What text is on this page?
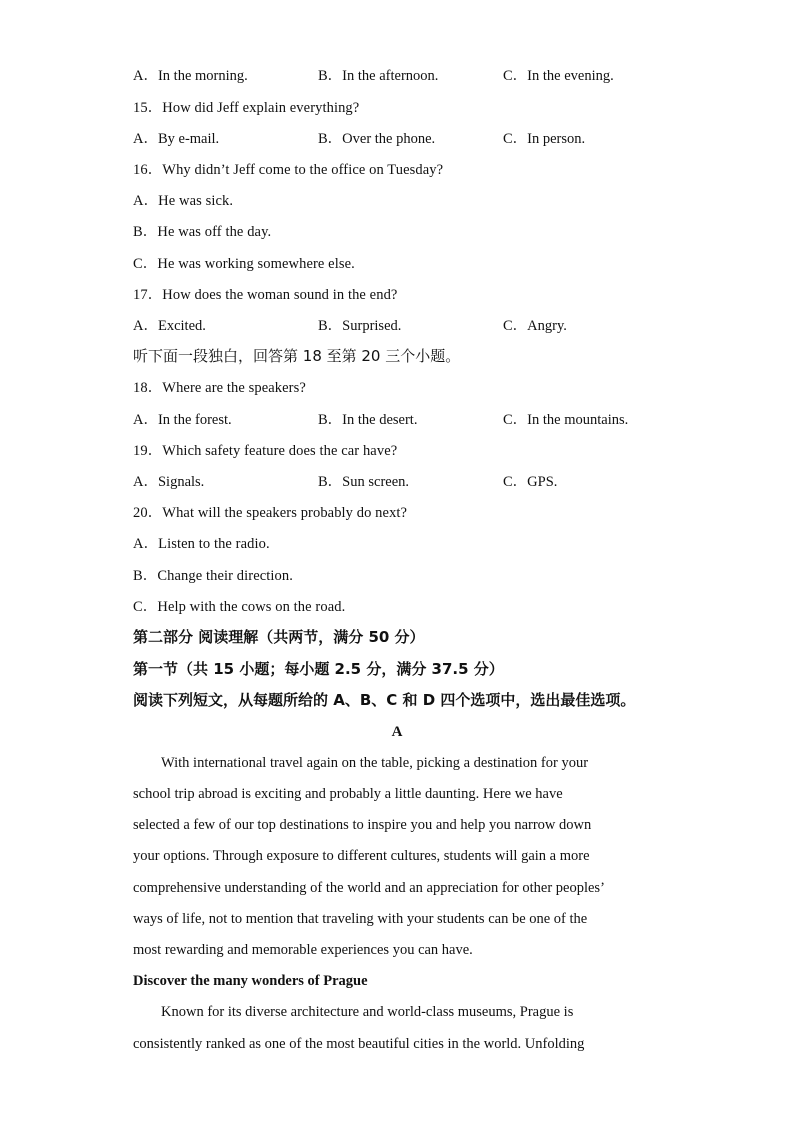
A．In the morning.	B．In the afternoon.	C．In the evening.
15．How did Jeff explain everything?
A．By e-mail.	B．Over the phone.	C．In person.
16．Why didn’t Jeff come to the office on Tuesday?
A．He was sick.
B．He was off the day.
C．He was working somewhere else.
17．How does the woman sound in the end?
A．Excited.	B．Surprised.	C．Angry.
听下面一段独白，回答第 18 至第 20 三个小题。
18．Where are the speakers?
A．In the forest.	B．In the desert.	C．In the mountains.
19．Which safety feature does the car have?
A．Signals.	B．Sun screen.	C．GPS.
20．What will the speakers probably do next?
A．Listen to the radio.
B．Change their direction.
C．Help with the cows on the road.
第二部分 阅读理解（共两节，满分 50 分）
第一节（共 15 小题；每小题 2.5 分，满分 37.5 分）
阅读下列短文，从每题所给的 A、B、C 和 D 四个选项中，选出最佳选项。
A
With international travel again on the table, picking a destination for your
school trip abroad is exciting and probably a little daunting. Here we have
selected a few of our top destinations to inspire you and help you narrow down
your options. Through exposure to different cultures, students will gain a more
comprehensive understanding of the world and an appreciation for other peoples’
ways of life, not to mention that traveling with your students can be one of the
most rewarding and memorable experiences you can have.
Discover the many wonders of Prague
Known for its diverse architecture and world-class museums, Prague is
consistently ranked as one of the most beautiful cities in the world. Unfolding
